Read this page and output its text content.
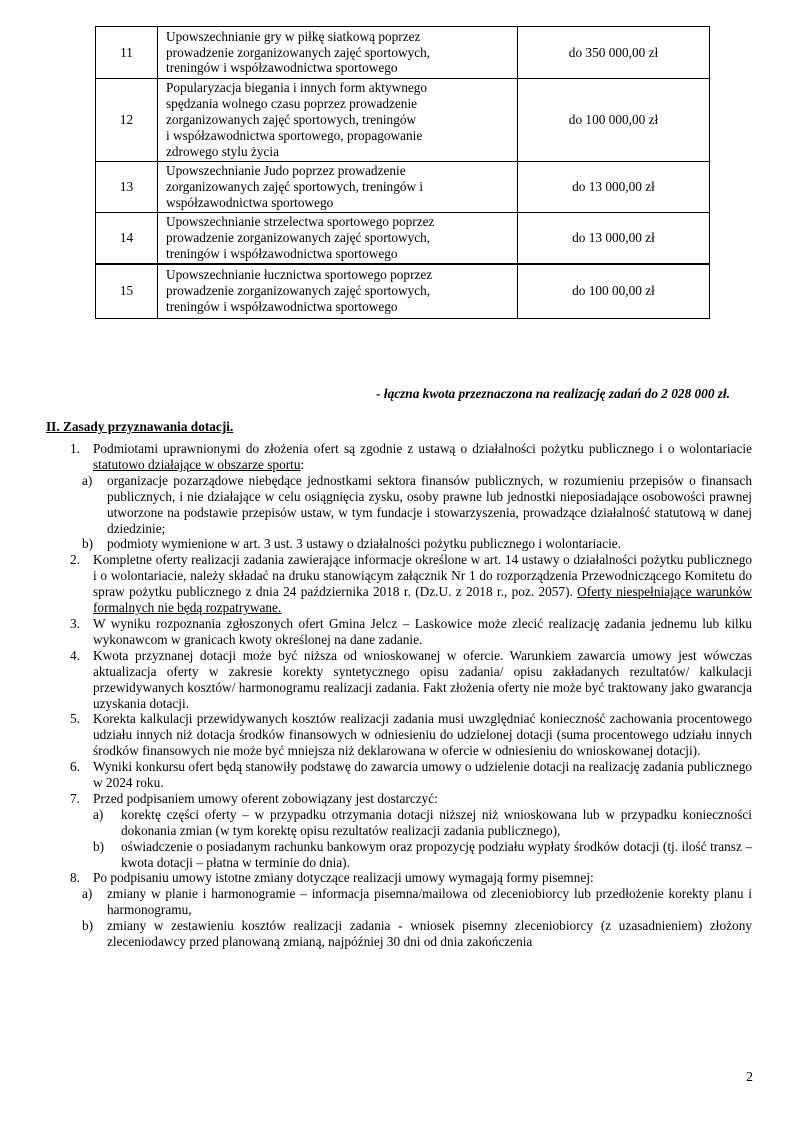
11	Upowszechnianie gry w piłkę siatkową poprzez
prowadzenie zorganizowanych zajęć sportowych,
treningów i współzawodnictwa sportowego	do 350 000,00 zł
12	Popularyzacja biegania i innych form aktywnego
spędzania wolnego czasu poprzez prowadzenie
zorganizowanych zajęć sportowych, treningów
i współzawodnictwa sportowego, propagowanie
zdrowego stylu życia	do 100 000,00 zł
13	Upowszechnianie Judo poprzez prowadzenie
zorganizowanych zajęć sportowych, treningów i
współzawodnictwa sportowego	do 13 000,00 zł
14	Upowszechnianie strzelectwa sportowego poprzez
prowadzenie zorganizowanych zajęć sportowych,
treningów i współzawodnictwa sportowego	do 13 000,00 zł
15	Upowszechnianie łucznictwa sportowego poprzez
prowadzenie zorganizowanych zajęć sportowych,
treningów i współzawodnictwa sportowego	do 100 00,00 zł
- łączna kwota przeznaczona na realizację zadań do 2 028 000 zł.
II. Zasady przyznawania dotacji.
1. Podmiotami uprawnionymi do złożenia ofert są zgodnie z ustawą o działalności pożytku publicznego i o wolontariacie statutowo działające w obszarze sportu:
a) organizacje pozarządowe niebędące jednostkami sektora finansów publicznych, w rozumieniu przepisów o finansach publicznych, i nie działające w celu osiągnięcia zysku, osoby prawne lub jednostki nieposiadające osobowości prawnej utworzone na podstawie przepisów ustaw, w tym fundacje i stowarzyszenia, prowadzące działalność statutową w danej dziedzinie;
b) podmioty wymienione w art. 3 ust. 3 ustawy o działalności pożytku publicznego i wolontariacie.
2. Kompletne oferty realizacji zadania zawierające informacje określone w art. 14 ustawy o działalności pożytku publicznego i o wolontariacie, należy składać na druku stanowiącym załącznik Nr 1 do rozporządzenia Przewodniczącego Komitetu do spraw pożytku publicznego z dnia 24 października 2018 r. (Dz.U. z 2018 r., poz. 2057). Oferty niespełniające warunków formalnych nie będą rozpatrywane.
3. W wyniku rozpoznania zgłoszonych ofert Gmina Jelcz – Laskowice może zlecić realizację zadania jednemu lub kilku wykonawcom w granicach kwoty określonej na dane zadanie.
4. Kwota przyznanej dotacji może być niższa od wnioskowanej w ofercie. Warunkiem zawarcia umowy jest wówczas aktualizacja oferty w zakresie korekty syntetycznego opisu zadania/ opisu zakładanych rezultatów/ kalkulacji przewidywanych kosztów/ harmonogramu realizacji zadania. Fakt złożenia oferty nie może być traktowany jako gwarancja uzyskania dotacji.
5. Korekta kalkulacji przewidywanych kosztów realizacji zadania musi uwzględniać konieczność zachowania procentowego udziału innych niż dotacja środków finansowych w odniesieniu do udzielonej dotacji (suma procentowego udziału innych środków finansowych nie może być mniejsza niż deklarowana w ofercie w odniesieniu do wnioskowanej dotacji).
6. Wyniki konkursu ofert będą stanowiły podstawę do zawarcia umowy o udzielenie dotacji na realizację zadania publicznego w 2024 roku.
7. Przed podpisaniem umowy oferent zobowiązany jest dostarczyć:
a) korektę części oferty – w przypadku otrzymania dotacji niższej niż wnioskowana lub w przypadku konieczności dokonania zmian (w tym korektę opisu rezultatów realizacji zadania publicznego),
b) oświadczenie o posiadanym rachunku bankowym oraz propozycję podziału wypłaty środków dotacji (tj. ilość transz – kwota dotacji – płatna w terminie do dnia).
8. Po podpisaniu umowy istotne zmiany dotyczące realizacji umowy wymagają formy pisemnej:
a) zmiany w planie i harmonogramie – informacja pisemna/mailowa od zleceniobiorcy lub przedłożenie korekty planu i harmonogramu,
b) zmiany w zestawieniu kosztów realizacji zadania - wniosek pisemny zleceniobiorcy (z uzasadnieniem) złożony zleceniodawcy przed planowaną zmianą, najpóźniej 30 dni od dnia zakończenia
2
